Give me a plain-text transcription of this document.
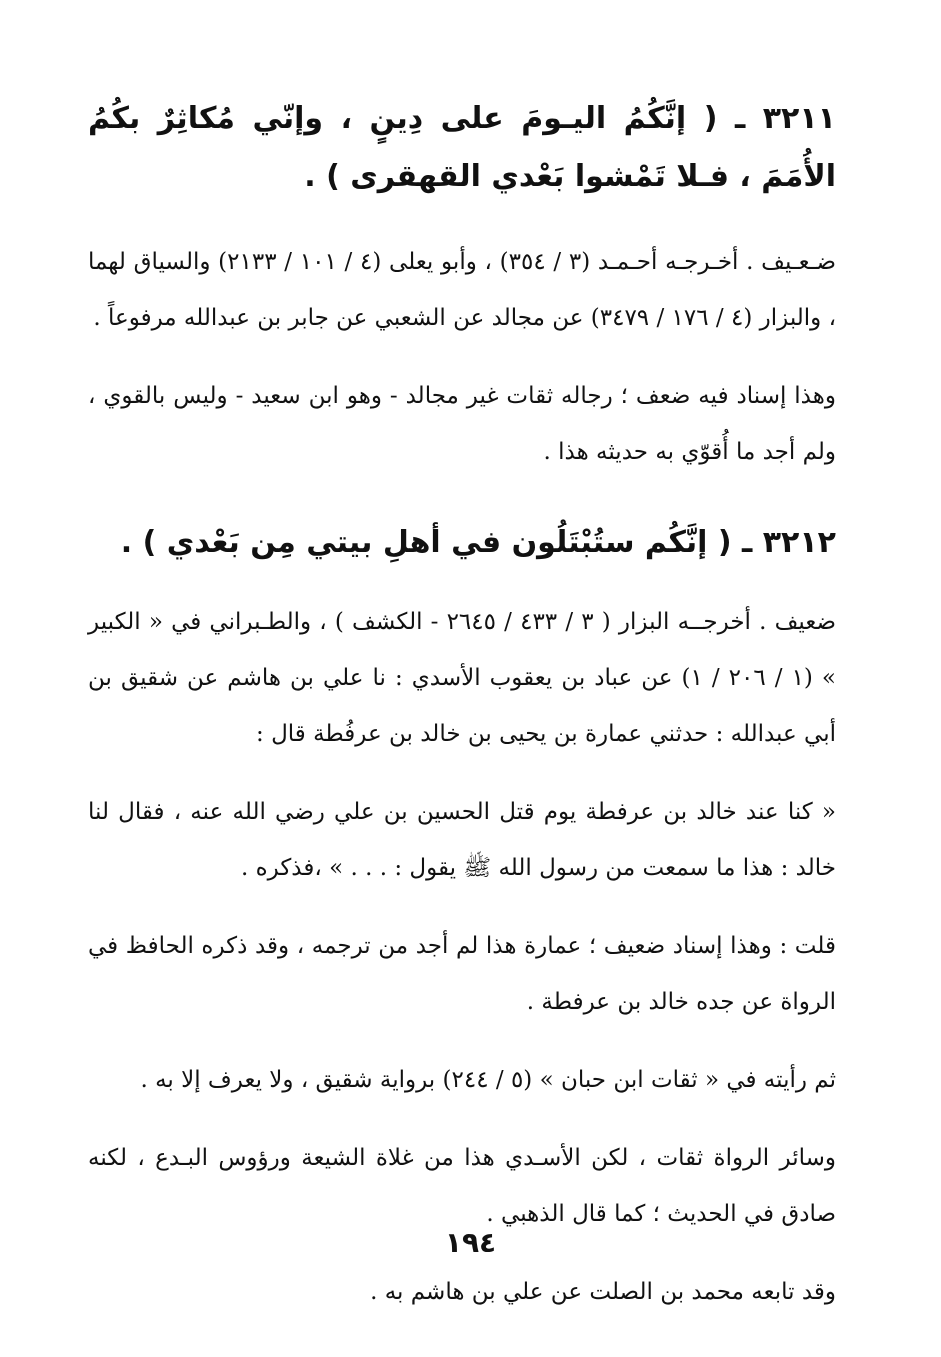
٣٢١١ ـ ( إنَّكُمُ اليـومَ على دِينٍ ، وإنّي مُكاثِرٌ بكُمُ الأُمَمَ ، فـلا تَمْشوا بَعْدي القهقرى ) .

ضـعـيف . أخـرجـه أحـمـد (٣ / ٣٥٤) ، وأبو يعلى (٤ / ١٠١ / ٢١٣٣) والسياق لهما ، والبزار (٤ / ١٧٦ / ٣٤٧٩) عن مجالد عن الشعبي عن جابر بن عبدالله مرفوعاً .

وهذا إسناد فيه ضعف ؛ رجاله ثقات غير مجالد - وهو ابن سعيد - وليس بالقوي ، ولم أجد ما أُقوّي به حديثه هذا .

٣٢١٢ ـ ( إنَّكُم ستُبْتَلُون في أهلِ بيتي مِن بَعْدي ) .

ضعيف . أخرجــه البزار ( ٣ / ٤٣٣ / ٢٦٤٥ - الكشف ) ، والطـبراني في « الكبير » (١ / ٢٠٦ / ١) عن عباد بن يعقوب الأسدي : نا علي بن هاشم عن شقيق بن أبي عبدالله : حدثني عمارة بن يحيى بن خالد بن عرفُطة قال :

« كنا عند خالد بن عرفطة يوم قتل الحسين بن علي رضي الله عنه ، فقال لنا خالد : هذا ما سمعت من رسول الله ﷺ يقول : . . . » ،فذكره .

قلت : وهذا إسناد ضعيف ؛ عمارة هذا لم أجد من ترجمه ، وقد ذكره الحافظ في الرواة عن جده خالد بن عرفطة .

ثم رأيته في « ثقات ابن حبان » (٥ / ٢٤٤) برواية شقيق ، ولا يعرف إلا به .

وسائر الرواة ثقات ، لكن الأسـدي هذا من غلاة الشيعة ورؤوس البـدع ، لكنه صادق في الحديث ؛ كما قال الذهبي .

وقد تابعه محمد بن الصلت عن علي بن هاشم به .

١٩٤
